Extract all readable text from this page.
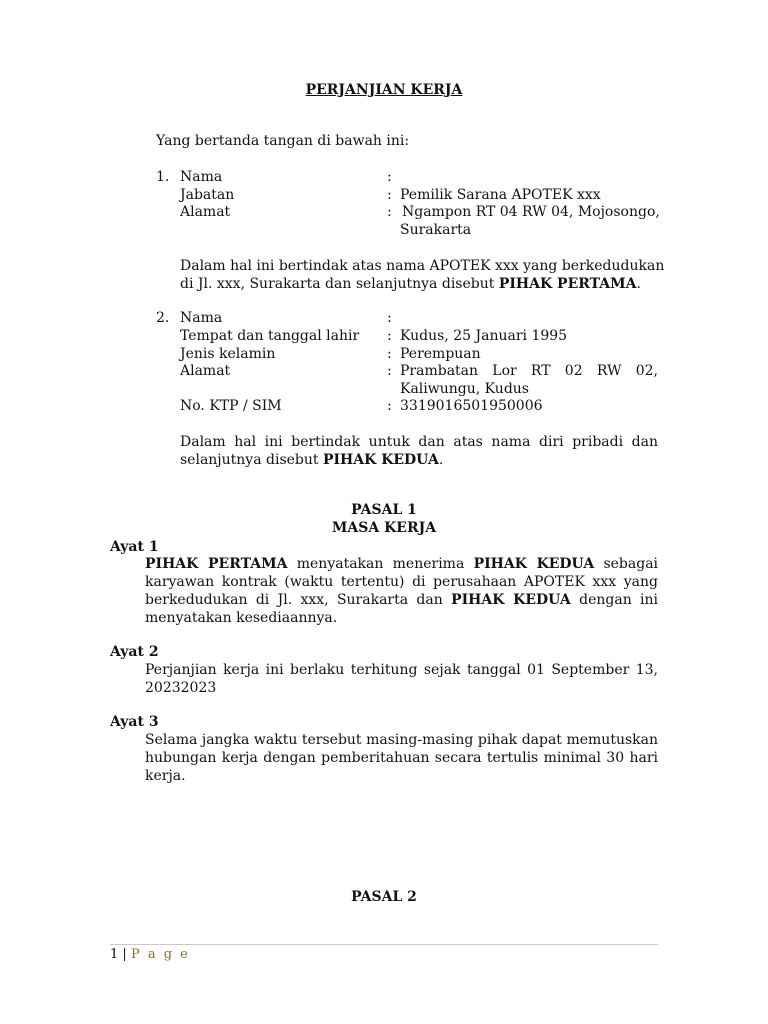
PERJANJIAN KERJA
Yang bertanda tangan di bawah ini:
1. Nama	:
Jabatan	: Pemilik Sarana APOTEK xxx
Alamat	: Ngampon RT 04 RW 04, Mojosongo,
Surakarta
Dalam hal ini bertindak atas nama APOTEK xxx yang berkedudukan
di Jl. xxx, Surakarta dan selanjutnya disebut PIHAK PERTAMA.
2. Nama	:
Tempat dan tanggal lahir : Kudus, 25 Januari 1995
Jenis kelamin	: Perempuan
Alamat	: Prambatan Lor RT 02 RW 02,
Kaliwungu, Kudus
No. KTP / SIM	: 3319016501950006
Dalam hal ini bertindak untuk dan atas nama diri pribadi dan
selanjutnya disebut PIHAK KEDUA.
PASAL 1
MASA KERJA
Ayat 1
PIHAK PERTAMA menyatakan menerima PIHAK KEDUA sebagai
karyawan kontrak (waktu tertentu) di perusahaan APOTEK xxx yang
berkedudukan di Jl. xxx, Surakarta dan PIHAK KEDUA dengan ini
menyatakan kesediaannya.
Ayat 2
Perjanjian kerja ini berlaku terhitung sejak tanggal 01 September 13,
20232023
Ayat 3
Selama jangka waktu tersebut masing-masing pihak dapat memutuskan
hubungan kerja dengan pemberitahuan secara tertulis minimal 30 hari
kerja.
PASAL 2
1 | P a g e
